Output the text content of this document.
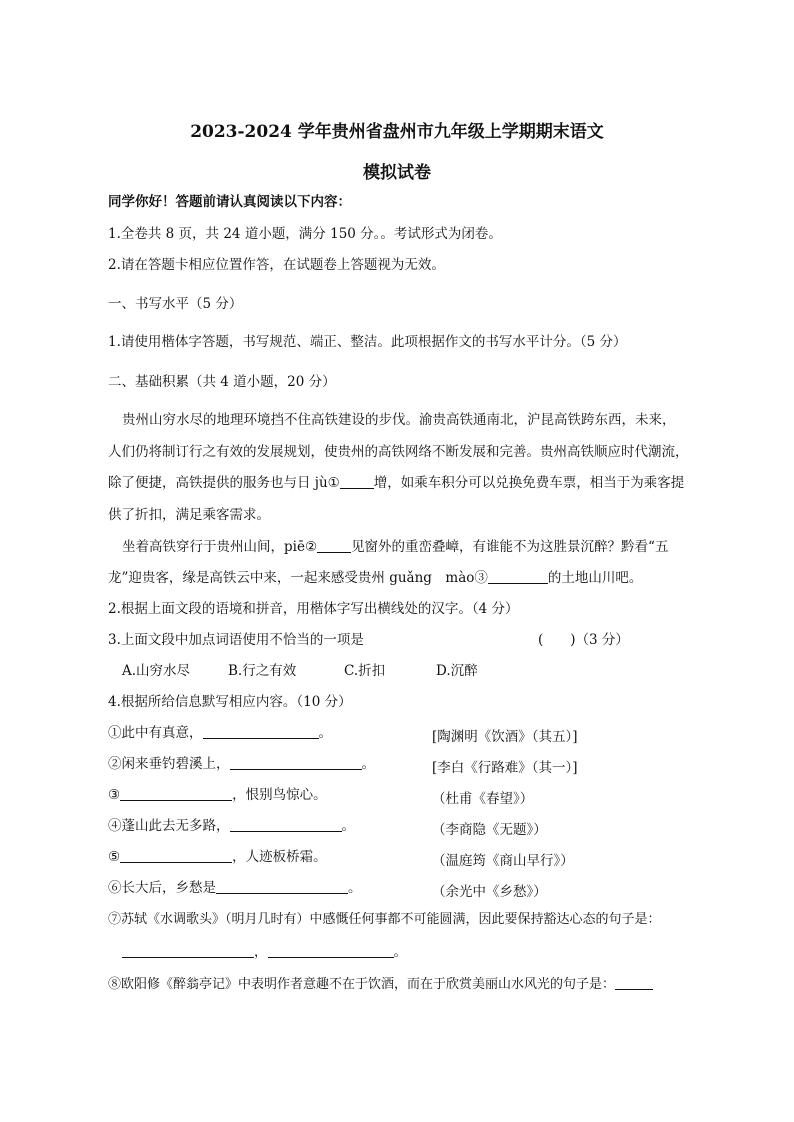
2023-2024 学年贵州省盘州市九年级上学期期末语文
模拟试卷
同学你好！答题前请认真阅读以下内容：
1.全卷共 8 页，共 24 道小题，满分 150 分。。考试形式为闭卷。
2.请在答题卡相应位置作答，在试题卷上答题视为无效。
一、书写水平（5 分）
1.请使用楷体字答题，书写规范、端正、整洁。此项根据作文的书写水平计分。（5 分）
二、基础积累（共 4 道小题，20 分）
贵州山穷水尽的地理环境挡不住高铁建设的步伐。渝贵高铁通南北，沪昆高铁跨东西，未来，
人们仍将制订行之有效的发展规划，使贵州的高铁网络不断发展和完善。贵州高铁顺应时代潮流，
除了便捷，高铁提供的服务也与日 jù①	增，如乘车积分可以兑换免费车票，相当于为乘客提
供了折扣，满足乘客需求。
坐着高铁穿行于贵州山间，piē②	见窗外的重峦叠嶂，有谁能不为这胜景沉醉？黔看“五
龙”迎贵客，缘是高铁云中来，一起来感受贵州 guǎng　mào③	的土地山川吧。
2.根据上面文段的语境和拼音，用楷体字写出横线处的汉字。（4 分）
3.上面文段中加点词语使用不恰当的一项是	(　　)（3 分）
A.山穷水尽	B.行之有效	C.折扣	D.沉醉
4.根据所给信息默写相应内容。（10 分）
①此中有真意，	。	[陶渊明《饮酒》（其五）]
②闲来垂钓碧溪上，	。	[李白《行路难》（其一）]
③	，恨别鸟惊心。	（杜甫《春望》）
④蓬山此去无多路，	。	（李商隐《无题》）
⑤	，人迹板桥霜。	（温庭筠《商山早行》）
⑥长大后，乡愁是	。	（余光中《乡愁》）
⑦苏轼《水调歌头》（明月几时有）中感慨任何事都不可能圆满，因此要保持豁达心态的句子是：
，	。
⑧欧阳修《醉翁亭记》中表明作者意趣不在于饮酒，而在于欣赏美丽山水风光的句子是：
